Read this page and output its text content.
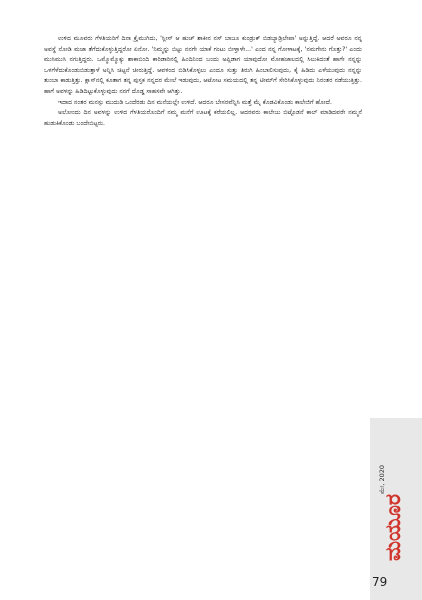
ಉಳಿದ ಮೂವರು ಗೆಳತಿಯರಿಗೆ ದಿನಾ ಕ್ರೈಮುಗಿದು, 'ಸ್ಲೀಸ್ ಆ ಹುಚ್ ಶಾಕೀನ ನಸ್ ಬಾಜೂ ಕುಂಡ್ರುಕ್ ಬಿಡಬ್ಯಾಡ್ರಿಲೇಪಾ' ಅನ್ನುತ್ತಿದ್ದೆ. ಆದರೆ ಅವರೂ ನನ್ನ ಅವಸ್ಥೆ ನೋಡಿ ಮಜಾ ತೆಗೆದುಕೊಳ್ಳುತ್ತಿದ್ದರೋ ಏನೋ. 'ನಿಮ್ಮನ್ನು ಬಿಟ್ಟು ನನಗೇ ಯಾಕೆ ಗಂಟು ಬೀಳ್ತಾಳೇ...' ಎಂದ ನನ್ನ ಗೋಳಾಟಕ್ಕೆ, 'ನಮಗೇನು ಗೊತ್ತು?' ಎಂದು ಮುಸಿಮುಸಿ ನಗುತ್ತಿದ್ದರು. ಒಮ್ಮೊಮ್ಮೊಕ್ಕು ಶಾಕಾಬಿಂದಿ ಕಾರಿಡಾರಿನಲ್ಲಿ ಹಿಂದಿನಿಂದ ಬಂದು ಅಪ್ಪಿಡಾಗ ಯಾವುದೋ ಮೋಹಜಾಲದಲ್ಲಿ ಸಿಲುಕಿದಂತೆ ಹಾಗೇ ನನ್ನನ್ನು ಒಳಗೆಳೆದುಕೊಂಡುಬಿಡುತ್ತಾಳೆ ಅನ್ನಿಸಿ ಚಿಟ್ಟನೆ ಚೀರುತ್ತಿದ್ದೆ. ಆವಳಿಂದ ಬಿಡಿಸಿಕೊಳ್ಳಲು ಎಂದೂ ಸುತ್ತು ತಿರುಗಿ ಹಿಂಬಾಲಿಸುವುದು, ಕೈ ಹಿಡಿದು ಎಳೆಯುವುದು ನನ್ನನ್ನು ತುಂಬಾ ಕಾಡುತ್ತಿತ್ತು. ಕ್ಲಾಸ್‌ನಲ್ಲಿ ಕೂತಾಗ ತನ್ನ ಪುಸ್ತಕ ನನ್ನದರ ಮೇಲೆ ಇಡುವುದು, ಆಟೋಟ ಸಮಯದಲ್ಲಿ ತನ್ನ ಟೀಮ್‌ಗೆ ಸೇರಿಸಿಕೊಳ್ಳುವುದು ನಿರಂತರ ನಡೆಯುತ್ತಿತ್ತು. ಹಾಗೆ ಅವಳನ್ನು ಹಿಡಿದಿಟ್ಟುಕೊಳ್ಳುವುದು ನನಗೆ ದೊಡ್ಡ ಸಾಹಸವೇ ಆಗಿತ್ತು.

ಇದಾದ ನಂತರ ಮನಸ್ಸು ಮುದುಡಿ ಒಂದೆರಡು ದಿನ ಮನೆಯಲ್ಲೇ ಉಳಿದೆ. ಆದರೂ ಬೇಸರವೆನ್ನಿಸಿ ಮತ್ತೆ ಮೈ ಕೊಡವಿಕೊಂಡು ಕಾಲೇಜಿಗೆ ಹೋದೆ.

ಅಲೋಂದು ದಿನ ಅವಳನ್ನು ಉಳಿದ ಗೆಳತಿಯರೊಂದಿಗೆ ನಮ್ಮ ಮನೆಗೆ ಊಟಕ್ಕೆ ಕರೆಯಲಿಲ್ಲ. ಆದರವರು ಕಾಲೇಜು ಬಿಟ್ಟೊಡನೆ ಕಾಲ್ ಮಾಡಿದವರೇ ನಮ್ಮನೆ ಹುಡುಕಿಕೊಂಡು ಬಂದೇಬಿಟ್ಟರು.

ಮೇ, 2020
ಮಯೂರ
79
